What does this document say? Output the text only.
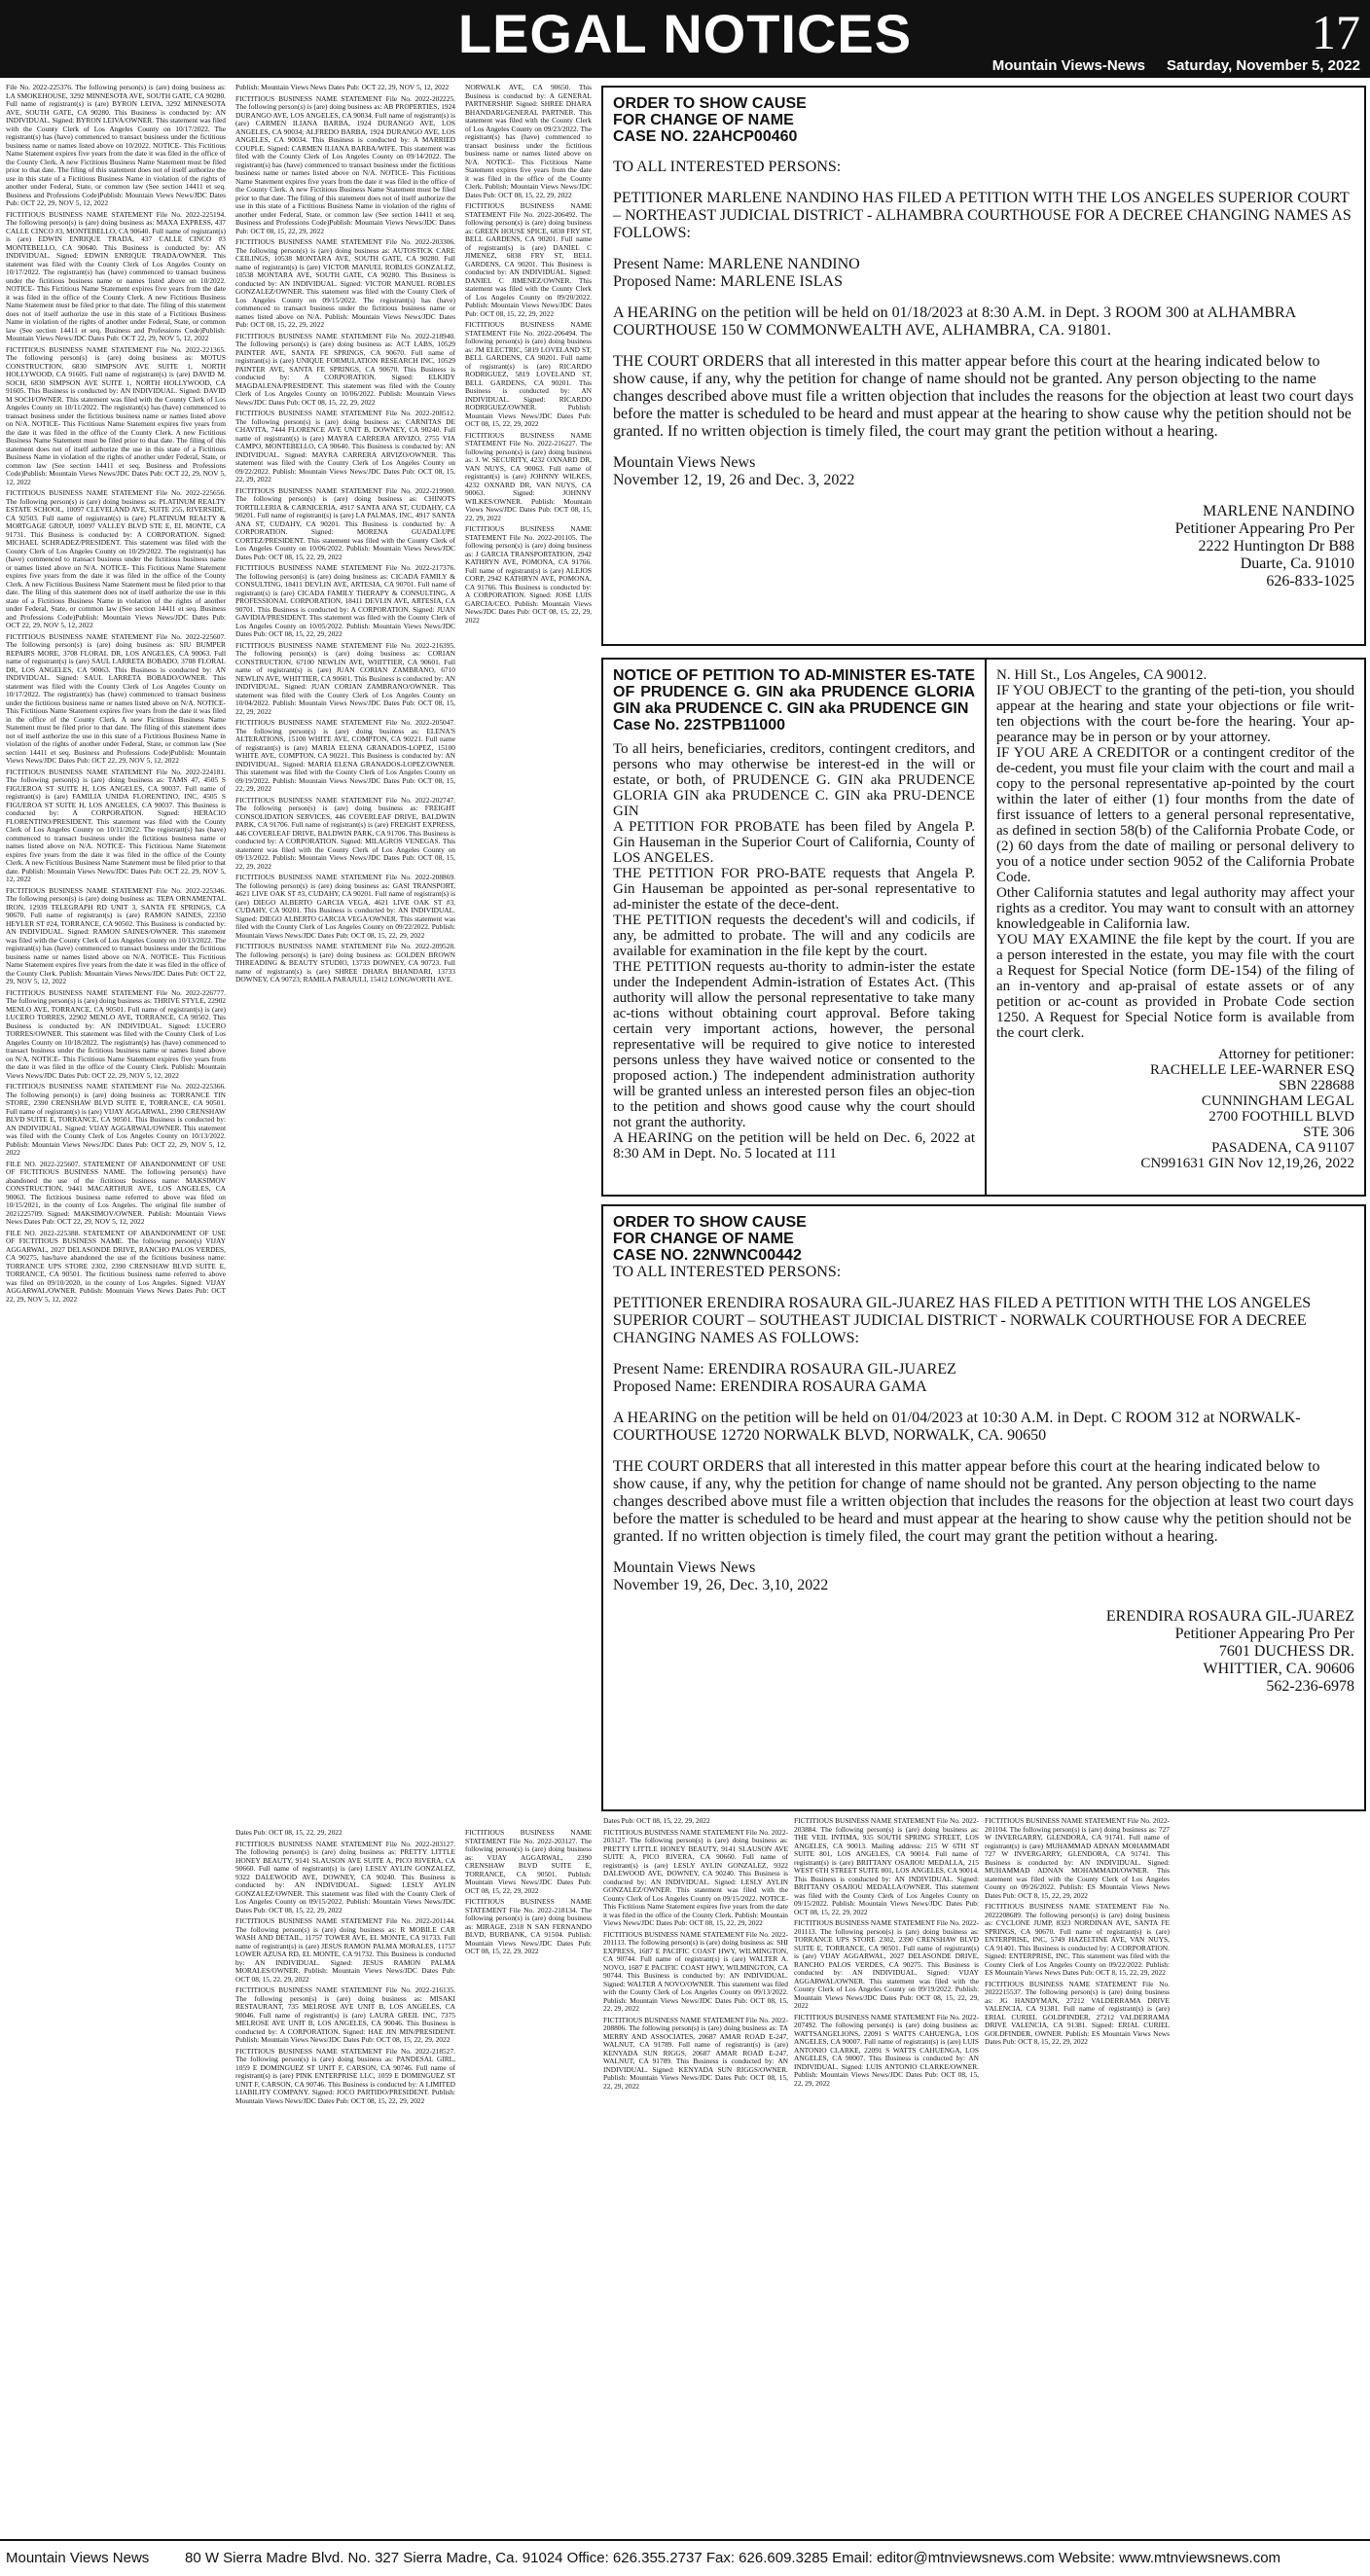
LEGAL NOTICES	17
Mountain Views-News Saturday, November 5, 2022

File No. 2022-225376. The following person(s) is (are) doing business as: LA SMOKEHOUSE, 3292 MINNESOTA AVE, SOUTH GATE, CA 90280. Full name of registrant(s) is (are) BYRON LEIVA, 3292 MINNESOTA AVE, SOUTH GATE, CA 90280. This Business is conducted by: AN INDIVIDUAL. Signed: BYRON LEIVA/OWNER. This statement was filed with the County Clerk of Los Angeles County on 10/17/2022. The registrant(s) has (have) commenced to transact business under the fictitious business name or names listed above on 10/2022. NOTICE- This Fictitious Name Statement expires five years from the date it was filed in the office of the County Clerk. A new Fictitious Business Name Statement must be filed prior to that date. The filing of this statement does not of itself authorize the use in this state of a Fictitious Business Name in violation of the rights of another under Federal, State, or common law (See section 14411 et seq. Business and Professions Code)Publish: Mountain Views News/JDC Dates Pub: OCT 22, 29, NOV 5, 12, 2022

FICTITIOUS BUSINESS NAME STATEMENT File No. 2022-225194. The following person(s) is (are) doing business as: MAXA EXPRESS, 437 CALLE CINCO #3, MONTEBELLO, CA 90640. Full name of registrant(s) is (are) EDWIN ENRIQUE TRADA, 437 CALLE CINCO #3 MONTEBELLO, CA 90640. This Business is conducted by: AN INDIVIDUAL. Signed: EDWIN ENRIQUE TRADA/OWNER. This statement was filed with the County Clerk of Los Angeles County on 10/17/2022. The registrant(s) has (have) commenced to transact business under the fictitious business name or names listed above on 10/2022. NOTICE- This Fictitious Name Statement expires five years from the date it was filed in the office of the County Clerk. A new Fictitious Business Name Statement must be filed prior to that date. The filing of this statement does not of itself authorize the use in this state of a Fictitious Business Name in violation of the rights of another under Federal, State, or common law (See section 14411 et seq. Business and Professions Code)Publish: Mountain Views News/JDC Dates Pub: OCT 22, 29, NOV 5, 12, 2022

FICTITIOUS BUSINESS NAME STATEMENT File No. 2022-221365. The following person(s) is (are) doing business as: MOTUS CONSTRUCTION, 6830 SIMPSON AVE SUITE 1, NORTH HOLLYWOOD, CA 91605. Full name of registrant(s) is (are) DAVID M. SOCH, 6830 SIMPSON AVE SUITE 1, NORTH HOLLYWOOD, CA 91605. This Business is conducted by: AN INDIVIDUAL. Signed: DAVID M SOCH/OWNER. This statement was filed with the County Clerk of Los Angeles County on 10/11/2022. The registrant(s) has (have) commenced to transact business under the fictitious business name or names listed above on N/A. NOTICE- This Fictitious Name Statement expires five years from the date it was filed in the office of the County Clerk. A new Fictitious Business Name Statement must be filed prior to that date. The filing of this statement does not of itself authorize the use in this state of a Fictitious Business Name in violation of the rights of another under Federal, State, or common law (See section 14411 et seq. Business and Professions Code)Publish: Mountain Views News/JDC Dates Pub: OCT 22, 29, NOV 5, 12, 2022

FICTITIOUS BUSINESS NAME STATEMENT File No. 2022-225656. The following person(s) is (are) doing business as: PLATINUM REALTY ESTATE SCHOOL, 10097 CLEVELAND AVE, SUITE 255, RIVERSIDE, CA 92503. Full name of registrant(s) is (are) PLATINUM REALTY & MORTGAGE GROUP, 10097 VALLEY BLVD STE E, EL MONTE, CA 91731. This Business is conducted by: A CORPORATION. Signed: MICHAEL SCHRADEZ/PRESIDENT. This statement was filed with the County Clerk of Los Angeles County on 10/29/2022. The registrant(s) has (have) commenced to transact business under the fictitious business name or names listed above on N/A. NOTICE- This Fictitious Name Statement expires five years from the date it was filed in the office of the County Clerk. A new Fictitious Business Name Statement must be filed prior to that date. The filing of this statement does not of itself authorize the use in this state of a Fictitious Business Name in violation of the rights of another under Federal, State, or common law (See section 14411 et seq. Business and Professions Code)Publish: Mountain Views News/JDC Dates Pub: OCT 22, 29, NOV 5, 12, 2022

FICTITIOUS BUSINESS NAME STATEMENT File No. 2022-225607. The following person(s) is (are) doing business as: SIU BUMPER REPAIRS MORE, 3708 FLORAL DR, LOS ANGELES, CA 90063. Full name of registrant(s) is (are) SAUL LARRETA BOBADO, 3708 FLORAL DR, LOS ANGELES, CA 90063. This Business is conducted by: AN INDIVIDUAL. Signed: SAUL LARRETA BOBADO/OWNER. This statement was filed with the County Clerk of Los Angeles County on 10/17/2022. The registrant(s) has (have) commenced to transact business under the fictitious business name or names listed above on N/A. NOTICE- This Fictitious Name Statement expires five years from the date it was filed in the office of the County Clerk. A new Fictitious Business Name Statement must be filed prior to that date. The filing of this statement does not of itself authorize the use in this state of a Fictitious Business Name in violation of the rights of another under Federal, State, or common law (See section 14411 et seq. Business and Professions Code)Publish: Mountain Views News/JDC Dates Pub: OCT 22, 29, NOV 5, 12, 2022

FICTITIOUS BUSINESS NAME STATEMENT File No. 2022-224181. The following person(s) is (are) doing business as: TAMS 47, 4505 S FIGUEROA ST SUITE H, LOS ANGELES, CA 90037. Full name of registrant(s) is (are) FAMILIA UNIDA FLORENTINO, INC, 4505 S FIGUEROA ST SUITE H, LOS ANGELES, CA 90037. This Business is conducted by: A CORPORATION. Signed: HERACIO FLORENTINO/PRESIDENT. This statement was filed with the County Clerk of Los Angeles County on 10/11/2022. The registrant(s) has (have) commenced to transact business under the fictitious business name or names listed above on N/A. NOTICE- This Fictitious Name Statement expires five years from the date it was filed in the office of the County Clerk. A new Fictitious Business Name Statement must be filed prior to that date. Publish: Mountain Views News/JDC Dates Pub: OCT 22, 29, NOV 5, 12, 2022

FICTITIOUS BUSINESS NAME STATEMENT File No. 2022-225346. The following person(s) is (are) doing business as: TEPA ORNAMENTAL IRON, 12939 TELEGRAPH RD UNIT 3, SANTA FE SPRINGS, CA 90670. Full name of registrant(s) is (are) RAMON SAINES, 22350 HEYLER ST #24, TORRANCE, CA 90502. This Business is conducted by: AN INDIVIDUAL. Signed: RAMON SAINES/OWNER. This statement was filed with the County Clerk of Los Angeles County on 10/13/2022. The registrant(s) has (have) commenced to transact business under the fictitious business name or names listed above on N/A. NOTICE- This Fictitious Name Statement expires five years from the date it was filed in the office of the County Clerk. Publish: Mountain Views News/JDC Dates Pub: OCT 22, 29, NOV 5, 12, 2022

FICTITIOUS BUSINESS NAME STATEMENT File No. 2022-226777. The following person(s) is (are) doing business as: THRIVE STYLE, 22902 MENLO AVE, TORRANCE, CA 90501. Full name of registrant(s) is (are) LUCERO TORRES, 22902 MENLO AVE, TORRANCE, CA 90502. This Business is conducted by: AN INDIVIDUAL. Signed: LUCERO TORRES/OWNER. This statement was filed with the County Clerk of Los Angeles County on 10/18/2022. The registrant(s) has (have) commenced to transact business under the fictitious business name or names listed above on N/A. NOTICE- This Fictitious Name Statement expires five years from the date it was filed in the office of the County Clerk. Publish: Mountain Views News/JDC Dates Pub: OCT 22, 29, NOV 5, 12, 2022

FICTITIOUS BUSINESS NAME STATEMENT File No. 2022-225366. The following person(s) is (are) doing business as: TORRANCE TIN STORE, 2390 CRENSHAW BLVD SUITE E, TORRANCE, CA 90501. Full name of registrant(s) is (are) VIJAY AGGARWAL, 2390 CRENSHAW BLVD SUITE E, TORRANCE, CA 90501. This Business is conducted by: AN INDIVIDUAL. Signed: VIJAY AGGARWAL/OWNER. This statement was filed with the County Clerk of Los Angeles County on 10/13/2022. Publish: Mountain Views News/JDC Dates Pub: OCT 22, 29, NOV 5, 12, 2022

FILE NO. 2022-225607. STATEMENT OF ABANDONMENT OF USE OF FICTITIOUS BUSINESS NAME. The following person(s) have abandoned the use of the fictitious business name: MAKSIMOV CONSTRUCTION, 9441 MACARTHUR AVE, LOS ANGELES, CA 90063. The fictitious business name referred to above was filed on 10/15/2021, in the county of Los Angeles. The original file number of 2021225709. Signed: MAKSIMOV/OWNER. Publish: Mountain Views News Dates Pub: OCT 22, 29, NOV 5, 12, 2022

FILE NO. 2022-225388. STATEMENT OF ABANDONMENT OF USE OF FICTITIOUS BUSINESS NAME. The following person(s) VIJAY AGGARWAL, 2027 DELASONDE DRIVE, RANCHO PALOS VERDES, CA 90275, has/have abandoned the use of the fictitious business name: TORRANCE UPS STORE 2302, 2390 CRENSHAW BLVD SUITE E, TORRANCE, CA 90501. The fictitious business name referred to above was filed on 09/10/2020, in the county of Los Angeles. Signed: VIJAY AGGARWAL/OWNER. Publish: Mountain Views News Dates Pub: OCT 22, 29, NOV 5, 12, 2022

Publish: Mountain Views News Dates Pub: OCT 22, 29, NOV 5, 12, 2022

FICTITIOUS BUSINESS NAME STATEMENT File No. 2022-202225. The following person(s) is (are) doing business as: AB PROPERTIES, 1924 DURANGO AVE, LOS ANGELES, CA 90034. Full name of registrant(s) is (are) CARMEN ILIANA BARBA, 1924 DURANGO AVE, LOS ANGELES, CA 90034; ALFREDO BARBA, 1924 DURANGO AVE, LOS ANGELES, CA 90034. This Business is conducted by: A MARRIED COUPLE. Signed: CARMEN ILIANA BARBA/WIFE. This statement was filed with the County Clerk of Los Angeles County on 09/14/2022. The registrant(s) has (have) commenced to transact business under the fictitious business name or names listed above on N/A. NOTICE- This Fictitious Name Statement expires five years from the date it was filed in the office of the County Clerk. A new Fictitious Business Name Statement must be filed prior to that date. The filing of this statement does not of itself authorize the use in this state of a Fictitious Business Name in violation of the rights of another under Federal, State, or common law (See section 14411 et seq. Business and Professions Code)Publish: Mountain Views News/JDC Dates Pub: OCT 08, 15, 22, 29, 2022

FICTITIOUS BUSINESS NAME STATEMENT File No. 2022-203306. The following person(s) is (are) doing business as: AUTOSTICK CARE CEILINGS, 10538 MONTARA AVE, SOUTH GATE, CA 90280. Full name of registrant(s) is (are) VICTOR MANUEL ROBLES GONZALEZ, 10538 MONTARA AVE, SOUTH GATE, CA 90280. This Business is conducted by: AN INDIVIDUAL. Signed: VICTOR MANUEL ROBLES GONZALEZ/OWNER. This statement was filed with the County Clerk of Los Angeles County on 09/15/2022. The registrant(s) has (have) commenced to transact business under the fictitious business name or names listed above on N/A. Publish: Mountain Views News/JDC Dates Pub: OCT 08, 15, 22, 29, 2022

FICTITIOUS BUSINESS NAME STATEMENT File No. 2022-218940. The following person(s) is (are) doing business as: ACT LABS, 10529 PAINTER AVE, SANTA FE SPRINGS, CA 90670. Full name of registrant(s) is (are) UNIQUE FORMULATION RESEARCH INC, 10529 PAINTER AVE, SANTA FE SPRINGS, CA 90670. This Business is conducted by: A CORPORATION. Signed: ELKIDY MAGDALENA/PRESIDENT. This statement was filed with the County Clerk of Los Angeles County on 10/06/2022. Publish: Mountain Views News/JDC Dates Pub: OCT 08, 15, 22, 29, 2022

FICTITIOUS BUSINESS NAME STATEMENT File No. 2022-208512. The following person(s) is (are) doing business as: CARNITAS DE CHAVITA, 7444 FLORENCE AVE UNIT B, DOWNEY, CA 90240. Full name of registrant(s) is (are) MAYRA CARRERA ARVIZO, 2755 VIA CAMPO, MONTEBELLO, CA 90640. This Business is conducted by: AN INDIVIDUAL. Signed: MAYRA CARRERA ARVIZO/OWNER. This statement was filed with the County Clerk of Los Angeles County on 09/22/2022. Publish: Mountain Views News/JDC Dates Pub: OCT 08, 15, 22, 29, 2022

FICTITIOUS BUSINESS NAME STATEMENT File No. 2022-219900. The following person(s) is (are) doing business as: CHINOTS TORTILLERIA & CARNICERIA, 4917 SANTA ANA ST, CUDAHY, CA 90201. Full name of registrant(s) is (are) LA PALMAS, INC, 4917 SANTA ANA ST, CUDAHY, CA 90201. This Business is conducted by: A CORPORATION. Signed: MORENA GUADALUPE CORTEZ/PRESIDENT. This statement was filed with the County Clerk of Los Angeles County on 10/06/2022. Publish: Mountain Views News/JDC Dates Pub: OCT 08, 15, 22, 29, 2022

FICTITIOUS BUSINESS NAME STATEMENT File No. 2022-217376. The following person(s) is (are) doing business as: CICADA FAMILY & CONSULTING, 18411 DEVLIN AVE, ARTESIA, CA 90701. Full name of registrant(s) is (are) CICADA FAMILY THERAPY & CONSULTING, A PROFESSIONAL CORPORATION, 18411 DEVLIN AVE, ARTESIA, CA 90701. This Business is conducted by: A CORPORATION. Signed: JUAN GAVIDIA/PRESIDENT. This statement was filed with the County Clerk of Los Angeles County on 10/05/2022. Publish: Mountain Views News/JDC Dates Pub: OCT 08, 15, 22, 29, 2022

FICTITIOUS BUSINESS NAME STATEMENT File No. 2022-216395. The following person(s) is (are) doing business as: CORIAN CONSTRUCTION, 67100 NEWLIN AVE, WHITTIER, CA 90601. Full name of registrant(s) is (are) JUAN CORIAN ZAMBRANO, 6710 NEWLIN AVE, WHITTIER, CA 90601. This Business is conducted by: AN INDIVIDUAL. Signed: JUAN CORIAN ZAMBRANO/OWNER. This statement was filed with the County Clerk of Los Angeles County on 10/04/2022. Publish: Mountain Views News/JDC Dates Pub: OCT 08, 15, 22, 29, 2022

FICTITIOUS BUSINESS NAME STATEMENT File No. 2022-205047. The following person(s) is (are) doing business as: ELENA'S ALTERATIONS, 15100 WHITE AVE, COMPTON, CA 90221. Full name of registrant(s) is (are) MARIA ELENA GRANADOS-LOPEZ, 15100 WHITE AVE, COMPTON, CA 90221. This Business is conducted by: AN INDIVIDUAL. Signed: MARIA ELENA GRANADOS-LOPEZ/OWNER. This statement was filed with the County Clerk of Los Angeles County on 09/19/2022. Publish: Mountain Views News/JDC Dates Pub: OCT 08, 15, 22, 29, 2022

FICTITIOUS BUSINESS NAME STATEMENT File No. 2022-202747. The following person(s) is (are) doing business as: FREIGHT CONSOLIDATION SERVICES, 446 COVERLEAF DRIVE, BALDWIN PARK, CA 91706. Full name of registrant(s) is (are) FREIGHT EXPRESS, 446 COVERLEAF DRIVE, BALDWIN PARK, CA 91706. This Business is conducted by: A CORPORATION. Signed: MILAGROS VENEGAS. This statement was filed with the County Clerk of Los Angeles County on 09/13/2022. Publish: Mountain Views News/JDC Dates Pub: OCT 08, 15, 22, 29, 2022

FICTITIOUS BUSINESS NAME STATEMENT File No. 2022-208869. The following person(s) is (are) doing business as: GASI TRANSPORT, 4621 LIVE OAK ST #3, CUDAHY, CA 90201. Full name of registrant(s) is (are) DIEGO ALBERTO GARCIA VEGA, 4621 LIVE OAK ST #3, CUDAHY, CA 90201. This Business is conducted by: AN INDIVIDUAL. Signed: DIEGO ALBERTO GARCIA VEGA/OWNER. This statement was filed with the County Clerk of Los Angeles County on 09/22/2022. Publish: Mountain Views News/JDC Dates Pub: OCT 08, 15, 22, 29, 2022

FICTITIOUS BUSINESS NAME STATEMENT File No. 2022-209528. The following person(s) is (are) doing business as: GOLDEN BROWN THREADING & BEAUTY STUDIO, 13733 DOWNEY, CA 90723. Full name of registrant(s) is (are) SHREE DHARA BHANDARI, 13733 DOWNEY, CA 90723; RAMILA PARAJULI, 15412 LONGWORTH AVE.

NORWALK AVE, CA 90650. This Business is conducted by: A GENERAL PARTNERSHIP. Signed: SHREE DHARA BHANDARI/GENERAL PARTNER. This statement was filed with the County Clerk of Los Angeles County on 09/23/2022. The registrant(s) has (have) commenced to transact business under the fictitious business name or names listed above on N/A. NOTICE- This Fictitious Name Statement expires five years from the date it was filed in the office of the County Clerk. Publish: Mountain Views News/JDC Dates Pub: OCT 08, 15, 22, 29, 2022

FICTITIOUS BUSINESS NAME STATEMENT File No. 2022-206492. The following person(s) is (are) doing business as: GREEN HOUSE SPICE, 6838 FRY ST, BELL GARDENS, CA 90201. Full name of registrant(s) is (are) DANIEL C JIMENEZ, 6838 FRY ST, BELL GARDENS, CA 90201. This Business is conducted by: AN INDIVIDUAL. Signed: DANIEL C JIMENEZ/OWNER. This statement was filed with the County Clerk of Los Angeles County on 09/20/2022. Publish: Mountain Views News/JDC Dates Pub: OCT 08, 15, 22, 29, 2022

FICTITIOUS BUSINESS NAME STATEMENT File No. 2022-206494. The following person(s) is (are) doing business as: JM ELECTRIC, 5819 LOVELAND ST, BELL GARDENS, CA 90201. Full name of registrant(s) is (are) RICARDO RODRIGUEZ, 5819 LOVELAND ST, BELL GARDENS, CA 90201. This Business is conducted by: AN INDIVIDUAL. Signed: RICARDO RODRIGUEZ/OWNER. Publish: Mountain Views News/JDC Dates Pub: OCT 08, 15, 22, 29, 2022

FICTITIOUS BUSINESS NAME STATEMENT File No. 2022-216227. The following person(s) is (are) doing business as: J. W. SECURITY, 4232 OXNARD DR, VAN NUYS, CA 90063. Full name of registrant(s) is (are) JOHNNY WILKES, 4232 OXNARD DR, VAN NUYS, CA 90063. Signed: JOHNNY WILKES/OWNER. Publish: Mountain Views News/JDC Dates Pub: OCT 08, 15, 22, 29, 2022

FICTITIOUS BUSINESS NAME STATEMENT File No. 2022-201105. The following person(s) is (are) doing business as: J GARCIA TRANSPORTATION, 2942 KATHRYN AVE, POMONA, CA 91766. Full name of registrant(s) is (are) ALEJOS CORP, 2942 KATHRYN AVE, POMONA, CA 91766. This Business is conducted by: A CORPORATION. Signed: JOSE LUIS GARCIA/CEO. Publish: Mountain Views News/JDC Dates Pub: OCT 08, 15, 22, 29, 2022

Dates Pub: OCT 08, 15, 22, 29, 2022

FICTITIOUS BUSINESS NAME STATEMENT File No. 2022-203127. The following person(s) is (are) doing business as: PRETTY LITTLE HONEY BEAUTY, 9141 SLAUSON AVE SUITE A, PICO RIVERA, CA 90660. Full name of registrant(s) is (are) LESLY AYLIN GONZALEZ, 9322 DALEWOOD AVE, DOWNEY, CA 90240. This Business is conducted by: AN INDIVIDUAL. Signed: LESLY AYLIN GONZALEZ/OWNER. This statement was filed with the County Clerk of Los Angeles County on 09/15/2022. Publish: Mountain Views News/JDC Dates Pub: OCT 08, 15, 22, 29, 2022

FICTITIOUS BUSINESS NAME STATEMENT File No. 2022-201144. The following person(s) is (are) doing business as: R MOBILE CAR WASH AND DETAIL, 11757 TOWER AVE, EL MONTE, CA 91733. Full name of registrant(s) is (are) JESUS RAMON PALMA MORALES, 11757 LOWER AZUSA RD, EL MONTE, CA 91732. This Business is conducted by: AN INDIVIDUAL. Signed: JESUS RAMON PALMA MORALES/OWNER. Publish: Mountain Views News/JDC Dates Pub: OCT 08, 15, 22, 29, 2022

FICTITIOUS BUSINESS NAME STATEMENT File No. 2022-216135. The following person(s) is (are) doing business as: MISAKI RESTAURANT, 735 MELROSE AVE UNIT B, LOS ANGELES, CA 90046. Full name of registrant(s) is (are) LAURA GREIL INC, 7375 MELROSE AVE UNIT B, LOS ANGELES, CA 90046. This Business is conducted by: A CORPORATION. Signed: HAE JIN MIN/PRESIDENT. Publish: Mountain Views News/JDC Dates Pub: OCT 08, 15, 22, 29, 2022

FICTITIOUS BUSINESS NAME STATEMENT File No. 2022-218527. The following person(s) is (are) doing business as: PANDESAL GIRL, 1059 E DOMINGUEZ ST UNIT F, CARSON, CA 90746. Full name of registrant(s) is (are) PINK ENTERPRISE LLC, 1059 E DOMINGUEZ ST UNIT F, CARSON, CA 90746. This Business is conducted by: A LIMITED LIABILITY COMPANY. Signed: JOCO PARTIDO/PRESIDENT. Publish: Mountain Views News/JDC Dates Pub: OCT 08, 15, 22, 29, 2022

FICTITIOUS BUSINESS NAME STATEMENT File No. 2022-203127. The following person(s) is (are) doing business as: VIJAY AGGARWAL, 2390 CRENSHAW BLVD SUITE E, TORRANCE, CA 90501. Publish: Mountain Views News/JDC Dates Pub: OCT 08, 15, 22, 29, 2022

FICTITIOUS BUSINESS NAME STATEMENT File No. 2022-218134. The following person(s) is (are) doing business as: MIRAGE, 2318 N SAN FERNANDO BLVD, BURBANK, CA 91504. Publish: Mountain Views News/JDC Dates Pub: OCT 08, 15, 22, 29, 2022

ORDER TO SHOW CAUSE
FOR CHANGE OF NAME
CASE NO. 22AHCP00460
TO ALL INTERESTED PERSONS:
PETITIONER MARLENE NANDINO HAS FILED A PETITION WITH THE LOS ANGELES SUPERIOR COURT – NORTHEAST JUDICIAL DISTRICT - ALHAMBRA COURTHOUSE FOR A DECREE CHANGING NAMES AS FOLLOWS:
Present Name: MARLENE NANDINO
Proposed Name: MARLENE ISLAS
A HEARING on the petition will be held on 01/18/2023 at 8:30 A.M. in Dept. 3 ROOM 300 at ALHAMBRA COURTHOUSE 150 W COMMONWEALTH AVE, ALHAMBRA, CA. 91801.
THE COURT ORDERS that all interested in this matter appear before this court at the hearing indicated below to show cause, if any, why the petition for change of name should not be granted. Any person objecting to the name changes described above must file a written objection that includes the reasons for the objection at least two court days before the matter is scheduled to be heard and must appear at the hearing to show cause why the petition should not be granted. If no written objection is timely filed, the court may grant the petition without a hearing.
Mountain Views News
November 12, 19, 26 and Dec. 3, 2022
MARLENE NANDINO
Petitioner Appearing Pro Per
2222 Huntington Dr B88
Duarte, Ca. 91010
626-833-1025
NOTICE OF PETITION TO AD-MINISTER ES-TATE OF PRUDENCE G. GIN aka PRUDENCE GLORIA GIN aka PRUDENCE C. GIN aka PRUDENCE GIN
Case No. 22STPB11000
To all heirs, beneficiaries, creditors, contingent creditors, and persons who may otherwise be interest-ed in the will or estate, or both, of PRUDENCE G. GIN aka PRUDENCE GLORIA GIN aka PRUDENCE C. GIN aka PRU-DENCE GIN
A PETITION FOR PROBATE has been filed by Angela P. Gin Hauseman in the Superior Court of California, County of LOS ANGELES.
THE PETITION FOR PRO-BATE requests that Angela P. Gin Hauseman be appointed as per-sonal representative to ad-minister the estate of the dece-dent.
THE PETITION requests the decedent's will and codicils, if any, be admitted to probate. The will and any codicils are available for examination in the file kept by the court.
THE PETITION requests au-thority to admin-ister the estate under the Independent Admin-istration of Estates Act. (This authority will allow the personal representative to take many ac-tions without obtaining court approval. Before taking certain very important actions, however, the personal representative will be required to give notice to interested persons unless they have waived notice or consented to the proposed action.) The independent administration authority will be granted unless an interested person files an objec-tion to the petition and shows good cause why the court should not grant the authority.
A HEARING on the petition will be held on Dec. 6, 2022 at 8:30 AM in Dept. No. 5 located at 111
N. Hill St., Los Angeles, CA 90012.
IF YOU OBJECT to the granting of the peti-tion, you should appear at the hearing and state your objections or file writ-ten objections with the court be-fore the hearing. Your ap-pearance may be in person or by your attorney.
IF YOU ARE A CREDITOR or a contingent creditor of the de-cedent, you must file your claim with the court and mail a copy to the personal representative ap-pointed by the court within the later of either (1) four months from the date of first issuance of letters to a general personal representative, as defined in section 58(b) of the California Probate Code, or (2) 60 days from the date of mailing or personal delivery to you of a notice under section 9052 of the California Probate Code.
Other California statutes and legal authority may affect your rights as a creditor. You may want to consult with an attorney knowledgeable in California law.
YOU MAY EXAMINE the file kept by the court. If you are a person interested in the estate, you may file with the court a Request for Special Notice (form DE-154) of the filing of an in-ventory and ap-praisal of estate assets or of any petition or ac-count as provided in Probate Code section 1250. A Request for Special Notice form is available from the court clerk.
Attorney for petitioner:
RACHELLE LEE-WARNER ESQ
SBN 228688
CUNNINGHAM LEGAL
2700 FOOTHILL BLVD
STE 306
PASADENA, CA 91107
CN991631 GIN Nov 12,19,26, 2022
ORDER TO SHOW CAUSE
FOR CHANGE OF NAME
CASE NO. 22NWNC00442
TO ALL INTERESTED PERSONS:
PETITIONER ERENDIRA ROSAURA GIL-JUAREZ HAS FILED A PETITION WITH THE LOS ANGELES SUPERIOR COURT – SOUTHEAST JUDICIAL DISTRICT - NORWALK COURTHOUSE FOR A DECREE CHANGING NAMES AS FOLLOWS:
Present Name: ERENDIRA ROSAURA GIL-JUAREZ
Proposed Name: ERENDIRA ROSAURA GAMA
A HEARING on the petition will be held on 01/04/2023 at 10:30 A.M. in Dept. C ROOM 312 at NORWALK-COURTHOUSE 12720 NORWALK BLVD, NORWALK, CA. 90650
THE COURT ORDERS that all interested in this matter appear before this court at the hearing indicated below to show cause, if any, why the petition for change of name should not be granted. Any person objecting to the name changes described above must file a written objection that includes the reasons for the objection at least two court days before the matter is scheduled to be heard and must appear at the hearing to show cause why the petition should not be granted. If no written objection is timely filed, the court may grant the petition without a hearing.
Mountain Views News
November 19, 26, Dec. 3,10, 2022
ERENDIRA ROSAURA GIL-JUAREZ
Petitioner Appearing Pro Per
7601 DUCHESS DR.
WHITTIER, CA. 90606
562-236-6978

Dates Pub: OCT 08, 15, 22, 29, 2022

FICTITIOUS BUSINESS NAME STATEMENT File No. 2022-203127. The following person(s) is (are) doing business as: PRETTY LITTLE HONEY BEAUTY, 9141 SLAUSON AVE SUITE A, PICO RIVERA, CA 90660. Full name of registrant(s) is (are) LESLY AYLIN GONZALEZ, 9322 DALEWOOD AVE, DOWNEY, CA 90240. This Business is conducted by: AN INDIVIDUAL. Signed: LESLY AYLIN GONZALEZ/OWNER. This statement was filed with the County Clerk of Los Angeles County on 09/15/2022. NOTICE- This Fictitious Name Statement expires five years from the date it was filed in the office of the County Clerk. Publish: Mountain Views News/JDC Dates Pub: OCT 08, 15, 22, 29, 2022

FICTITIOUS BUSINESS NAME STATEMENT File No. 2022-201113. The following person(s) is (are) doing business as: SHI EXPRESS, 1687 E PACIFIC COAST HWY, WILMINGTON, CA 90744. Full name of registrant(s) is (are) WALTER A. NOVO, 1687 E PACIFIC COAST HWY, WILMINGTON, CA 90744. This Business is conducted by: AN INDIVIDUAL. Signed: WALTER A NOVO/OWNER. This statement was filed with the County Clerk of Los Angeles County on 09/13/2022. Publish: Mountain Views News/JDC Dates Pub: OCT 08, 15, 22, 29, 2022

FICTITIOUS BUSINESS NAME STATEMENT File No. 2022-208806. The following person(s) is (are) doing business as: TA MERRY AND ASSOCIATES, 20687 AMAR ROAD E-247, WALNUT, CA 91789. Full name of registrant(s) is (are) KENYADA SUN RIGGS, 20687 AMAR ROAD E-247, WALNUT, CA 91789. This Business is conducted by: AN INDIVIDUAL. Signed: KENYADA SUN RIGGS/OWNER. Publish: Mountain Views News/JDC Dates Pub: OCT 08, 15, 22, 29, 2022

FICTITIOUS BUSINESS NAME STATEMENT File No. 2022-203884. The following person(s) is (are) doing business as: THE VEIL INTIMA, 935 SOUTH SPRING STREET, LOS ANGELES, CA 90013. Mailing address: 215 W 6TH ST SUITE 801, LOS ANGELES, CA 90014. Full name of registrant(s) is (are) BRITTANY OSAJIOU MEDALLA, 215 WEST 6TH STREET SUITE 801, LOS ANGELES, CA 90014. This Business is conducted by: AN INDIVIDUAL. Signed: BRITTANY OSAJIOU MEDALLA/OWNER. This statement was filed with the County Clerk of Los Angeles County on 09/15/2022. Publish: Mountain Views News/JDC Dates Pub: OCT 08, 15, 22, 29, 2022

FICTITIOUS BUSINESS NAME STATEMENT File No. 2022-201113. The following person(s) is (are) doing business as: TORRANCE UPS STORE 2302, 2390 CRENSHAW BLVD SUITE E, TORRANCE, CA 90501. Full name of registrant(s) is (are) VIJAY AGGARWAL, 2027 DELASONDE DRIVE, RANCHO PALOS VERDES, CA 90275. This Business is conducted by: AN INDIVIDUAL. Signed: VIJAY AGGARWAL/OWNER. This statement was filed with the County Clerk of Los Angeles County on 09/19/2022. Publish: Mountain Views News/JDC Dates Pub: OCT 08, 15, 22, 29, 2022

FICTITIOUS BUSINESS NAME STATEMENT File No. 2022-207492. The following person(s) is (are) doing business as: WATTSANGELIONS, 22091 S WATTS CAHUENGA, LOS ANGELES, CA 90007. Full name of registrant(s) is (are) LUIS ANTONIO CLARKE, 22091 S WATTS CAHUENGA, LOS ANGELES, CA 90007. This Business is conducted by: AN INDIVIDUAL. Signed: LUIS ANTONIO CLARKE/OWNER. Publish: Mountain Views News/JDC Dates Pub: OCT 08, 15, 22, 29, 2022

FICTITIOUS BUSINESS NAME STATEMENT File No. 2022-201104. The following person(s) is (are) doing business as: 727 W INVERGARRY, GLENDORA, CA 91741. Full name of registrant(s) is (are) MUHAMMAD ADNAN MOHAMMADI 727 W INVERGARRY, GLENDORA, CA 91741. This Business is conducted by: AN INDIVIDUAL. Signed: MUHAMMAD ADNAN MOHAMMADI/OWNER. This statement was filed with the County Clerk of Los Angeles County on 09/26/2022. Publish: ES Mountain Views News Dates Pub: OCT 8, 15, 22, 29, 2022

FICTITIOUS BUSINESS NAME STATEMENT File No. 2022208689. The following person(s) is (are) doing business as: CYCLONE JUMP, 8323 NORDINAN AVE, SANTA FE SPRINGS, CA 90670. Full name of registrant(s) is (are) ENTERPRISE, INC, 5749 HAZELTINE AVE, VAN NUYS, CA 91401. This Business is conducted by: A CORPORATION. Signed: ENTERPRISE, INC. This statement was filed with the County Clerk of Los Angeles County on 09/22/2022. Publish: ES Mountain Views News Dates Pub: OCT 8, 15, 22, 29, 2022

FICTITIOUS BUSINESS NAME STATEMENT File No. 2022215537. The following person(s) is (are) doing business as: JG HANDYMAN, 27212 VALDERRAMA DRIVE VALENCIA, CA 91381. Full name of registrant(s) is (are) ERIAL CURIEL GOLDFINDER, 27212 VALDERRAMA DRIVE VALENCIA, CA 91381. Signed: ERIAL CURIEL GOLDFINDER, OWNER. Publish: ES Mountain Views News Dates Pub: OCT 8, 15, 22, 29, 2022

Mountain Views News 80 W Sierra Madre Blvd. No. 327 Sierra Madre, Ca. 91024 Office: 626.355.2737 Fax: 626.609.3285 Email: editor@mtnviewsnews.com Website: www.mtnviewsnews.com
